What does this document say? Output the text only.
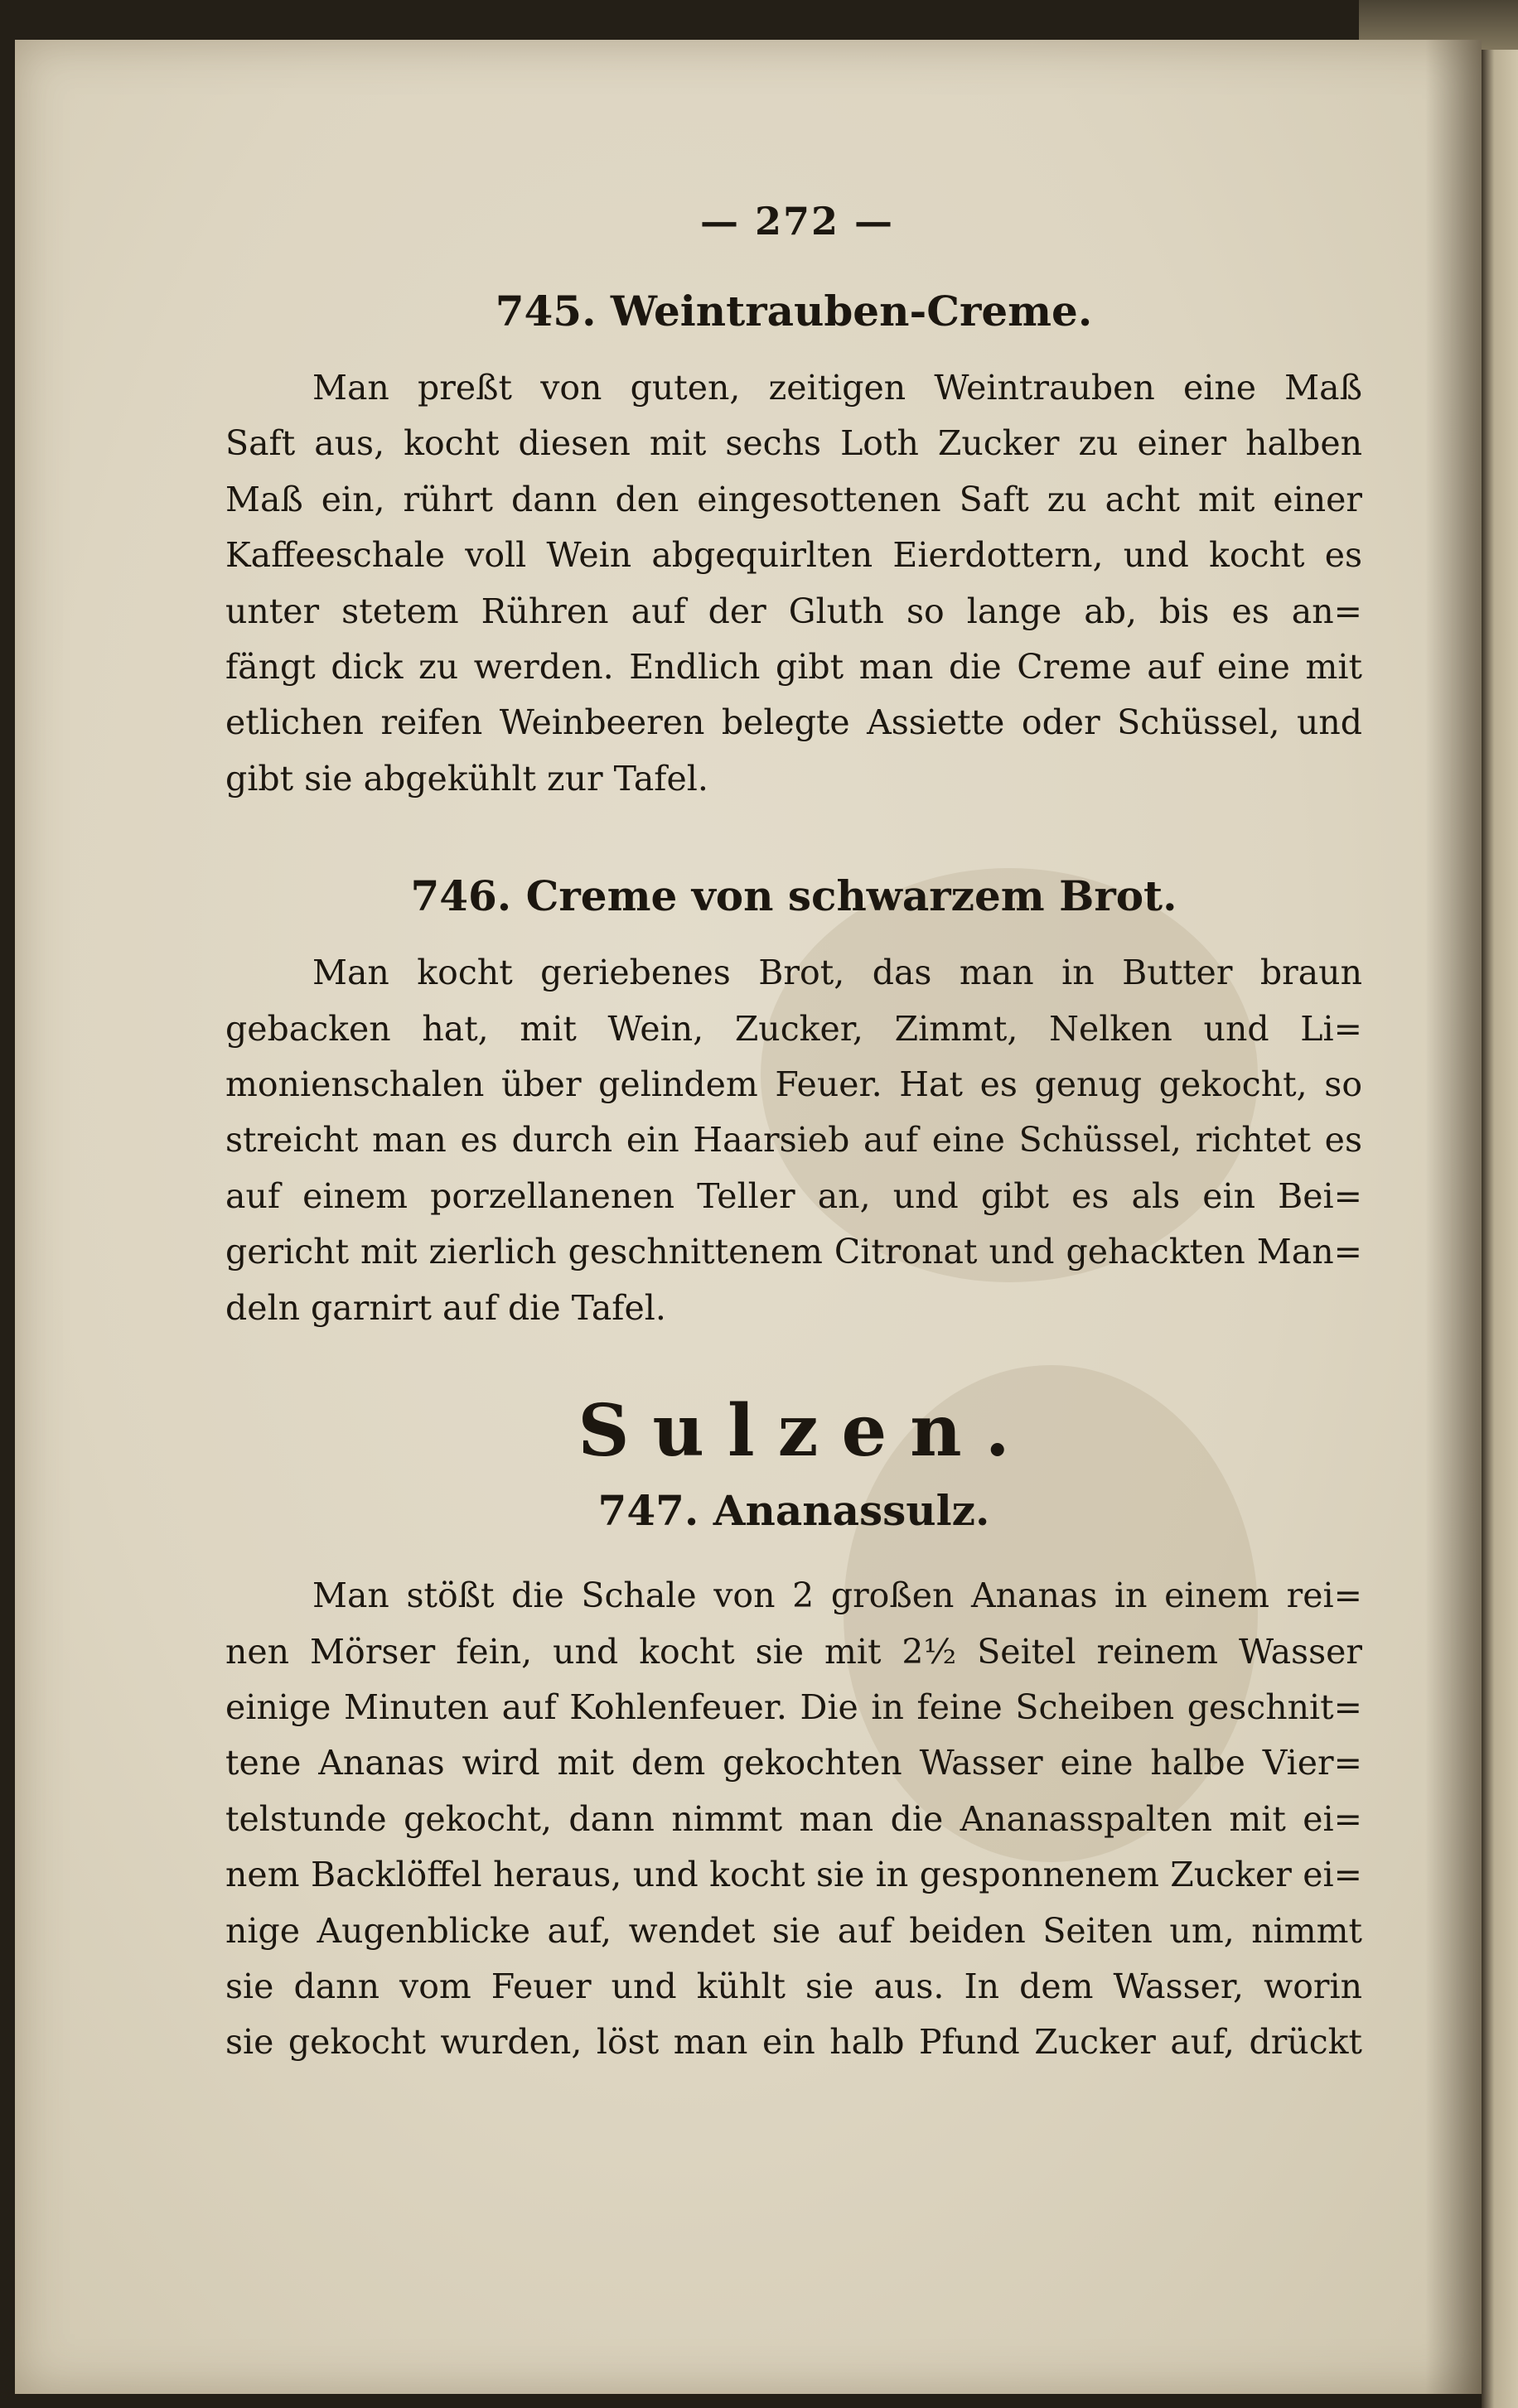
— 272 —
745. Weintrauben-Creme.
Man preßt von guten, zeitigen Weintrauben eine Maß
Saft aus, kocht diesen mit sechs Loth Zucker zu einer halben
Maß ein, rührt dann den eingesottenen Saft zu acht mit einer
Kaffeeschale voll Wein abgequirlten Eierdottern, und kocht es
unter stetem Rühren auf der Gluth so lange ab, bis es an=
fängt dick zu werden. Endlich gibt man die Creme auf eine mit
etlichen reifen Weinbeeren belegte Assiette oder Schüssel, und
gibt sie abgekühlt zur Tafel.
746. Creme von schwarzem Brot.
Man kocht geriebenes Brot, das man in Butter braun
gebacken hat, mit Wein, Zucker, Zimmt, Nelken und Li=
monienschalen über gelindem Feuer. Hat es genug gekocht, so
streicht man es durch ein Haarsieb auf eine Schüssel, richtet es
auf einem porzellanenen Teller an, und gibt es als ein Bei=
gericht mit zierlich geschnittenem Citronat und gehackten Man=
deln garnirt auf die Tafel.
Sulzen.
747. Ananassulz.
Man stößt die Schale von 2 großen Ananas in einem rei=
nen Mörser fein, und kocht sie mit 2½ Seitel reinem Wasser
einige Minuten auf Kohlenfeuer. Die in feine Scheiben geschnit=
tene Ananas wird mit dem gekochten Wasser eine halbe Vier=
telstunde gekocht, dann nimmt man die Ananasspalten mit ei=
nem Backlöffel heraus, und kocht sie in gesponnenem Zucker ei=
nige Augenblicke auf, wendet sie auf beiden Seiten um, nimmt
sie dann vom Feuer und kühlt sie aus. In dem Wasser, worin
sie gekocht wurden, löst man ein halb Pfund Zucker auf, drückt
